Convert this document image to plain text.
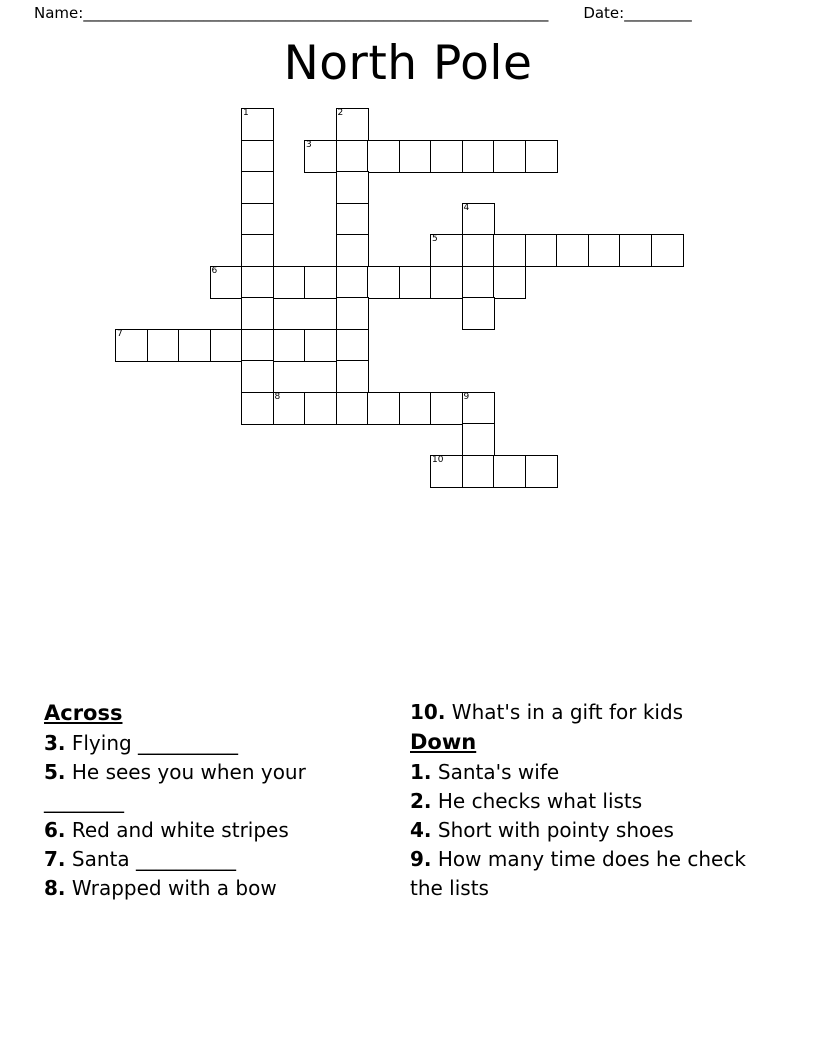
Name: ______________________________________________________________	Date: _________
North Pole
1	2
3
4
5
6
7
8	9
10
Across

3. Flying __________

5. He sees you when your ________

6. Red and white stripes

7. Santa __________

8. Wrapped with a bow

10. What's in a gift for kids

Down

1. Santa's wife

2. He checks what lists

4. Short with pointy shoes

9. How many time does he check the lists
